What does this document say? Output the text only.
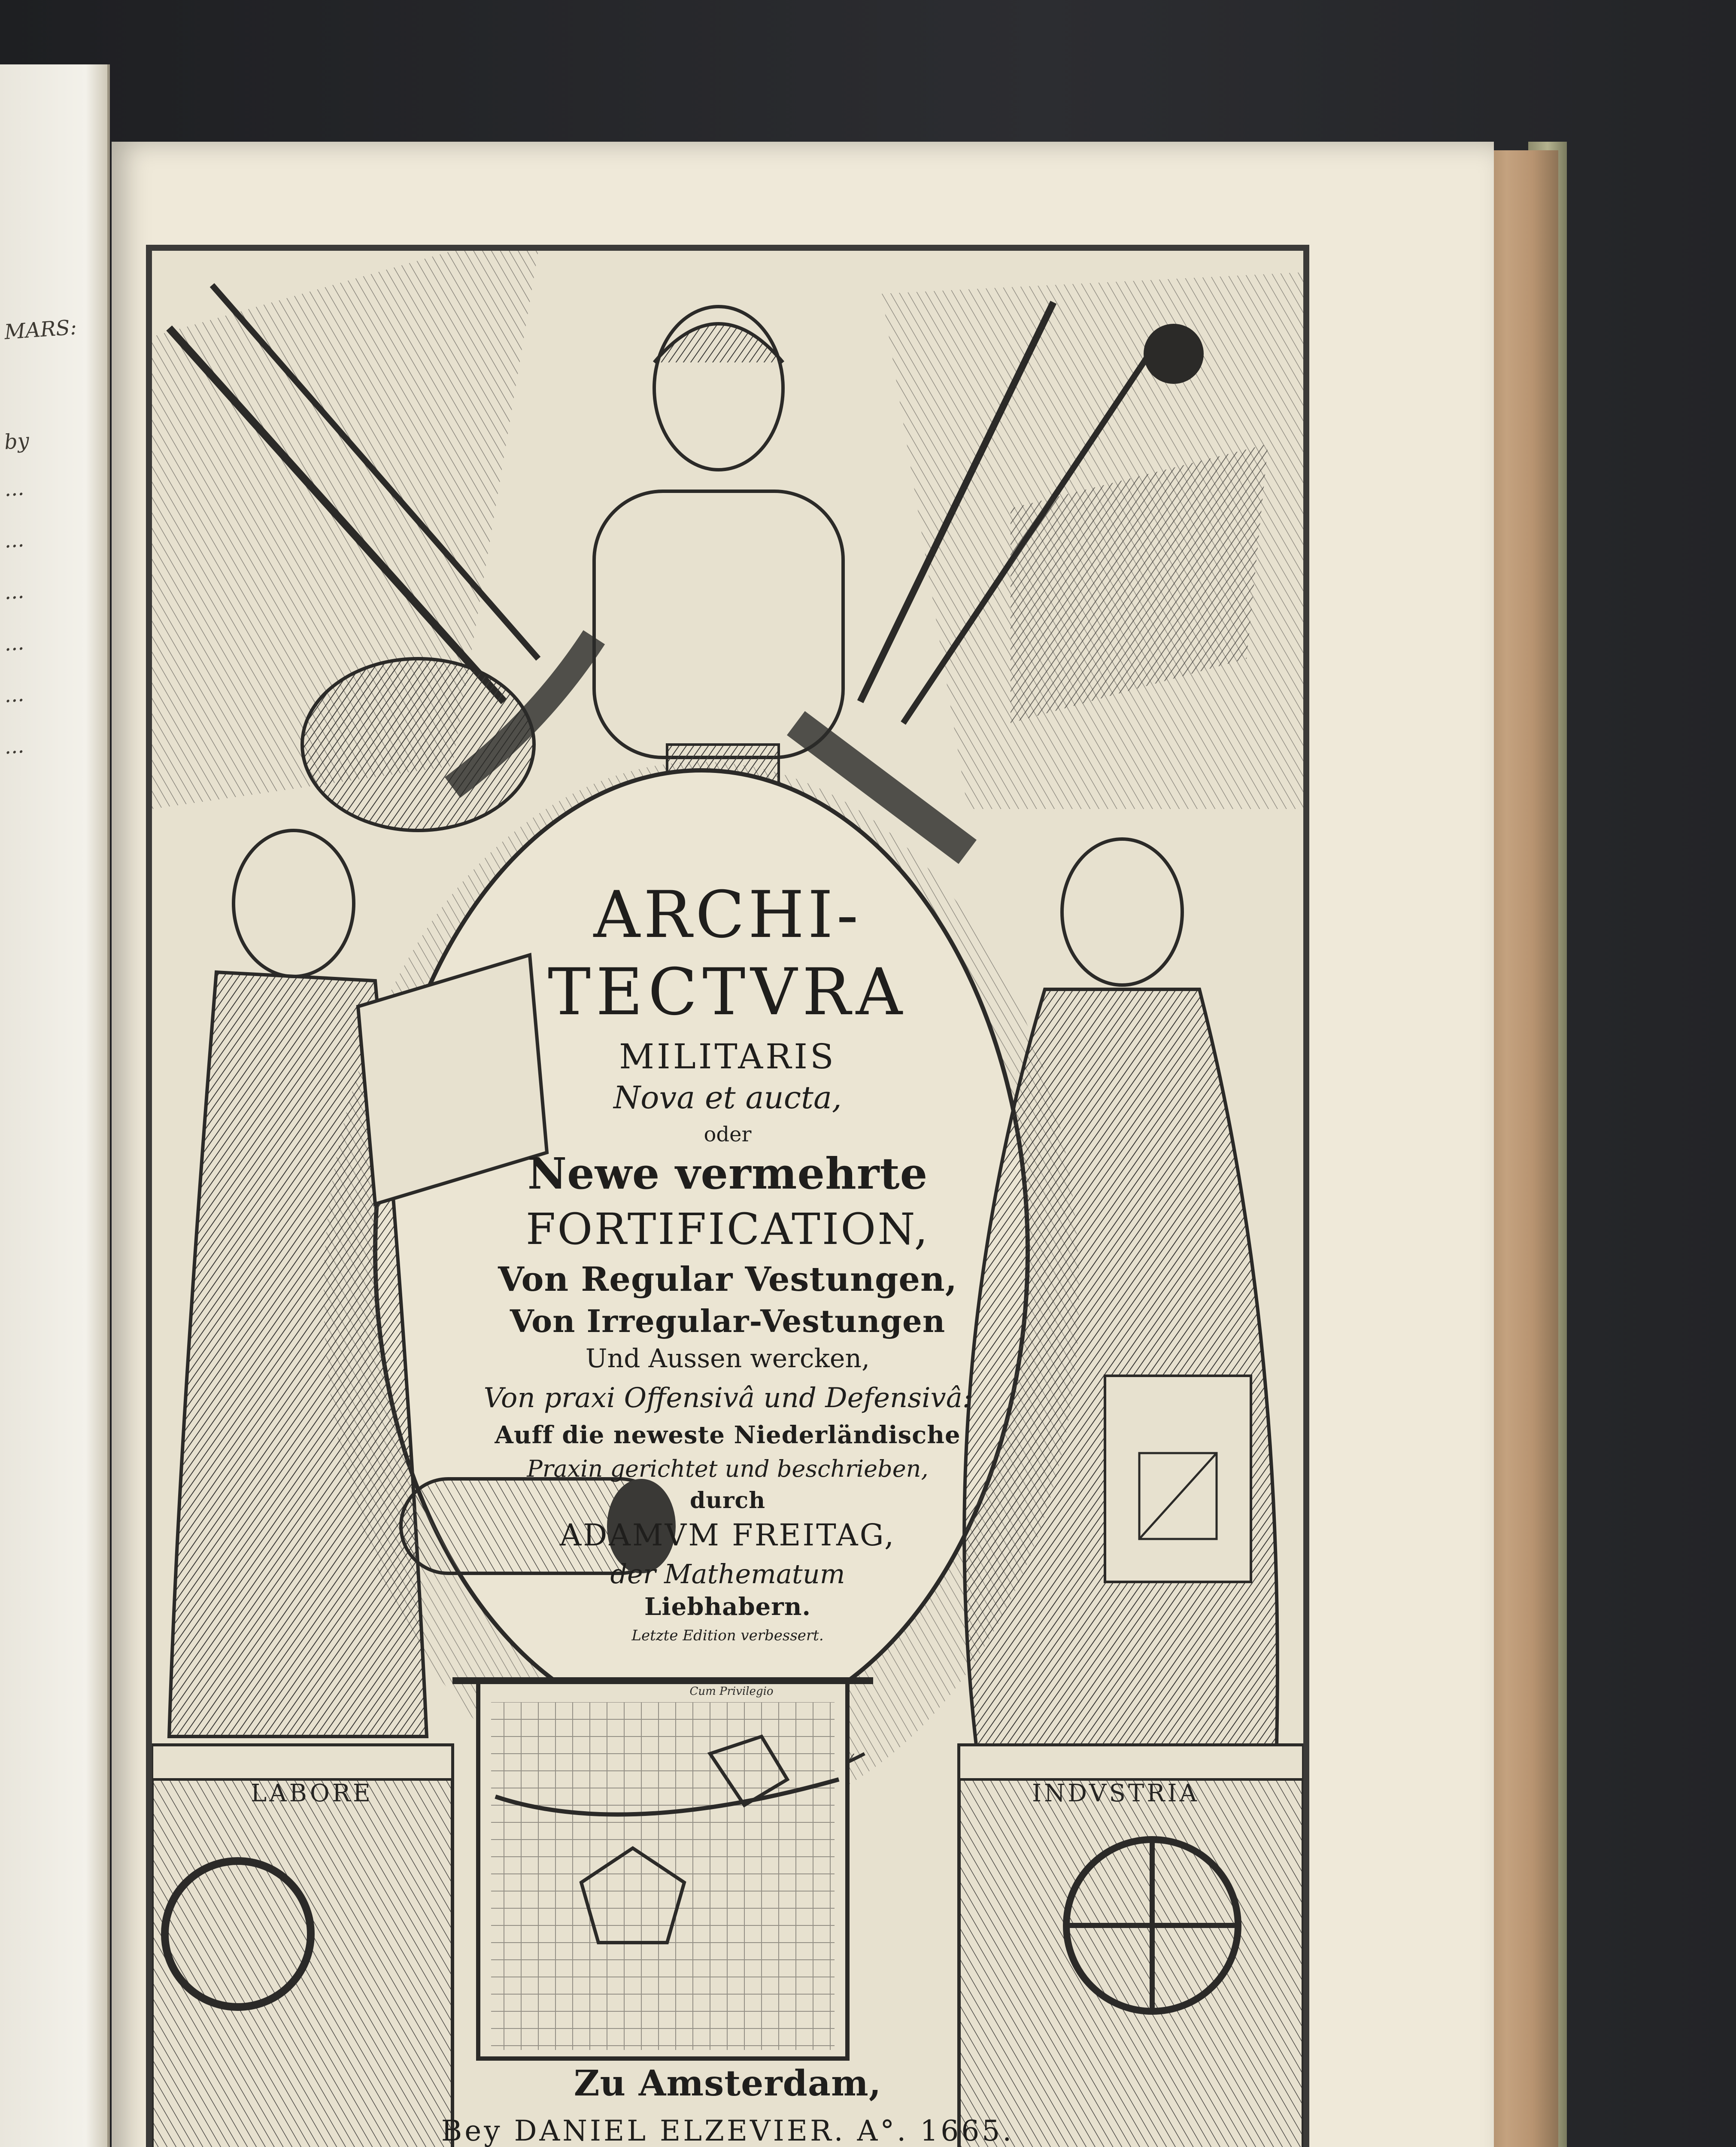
MARS:
by
...
...
...
...
...
...
ARCHI-
TECTVRA
MILITARIS
Nova et aucta,
oder
Newe vermehrte
FORTIFICATION,
Von Regular Vestungen,
Von Irregular-Vestungen
Und Aussen wercken,
Von praxi Offensivâ und Defensivâ:
Auff die neweste Niederländische
Praxin gerichtet und beschrieben,
durch
ADAMVM FREITAG,
der Mathematum
Liebhabern.
Letzte Edition verbessert.
Cum Privilegio
LABORE	INDVSTRIA
Zu Amsterdam,
Bey DANIEL ELZEVIER. A°. 1665.
